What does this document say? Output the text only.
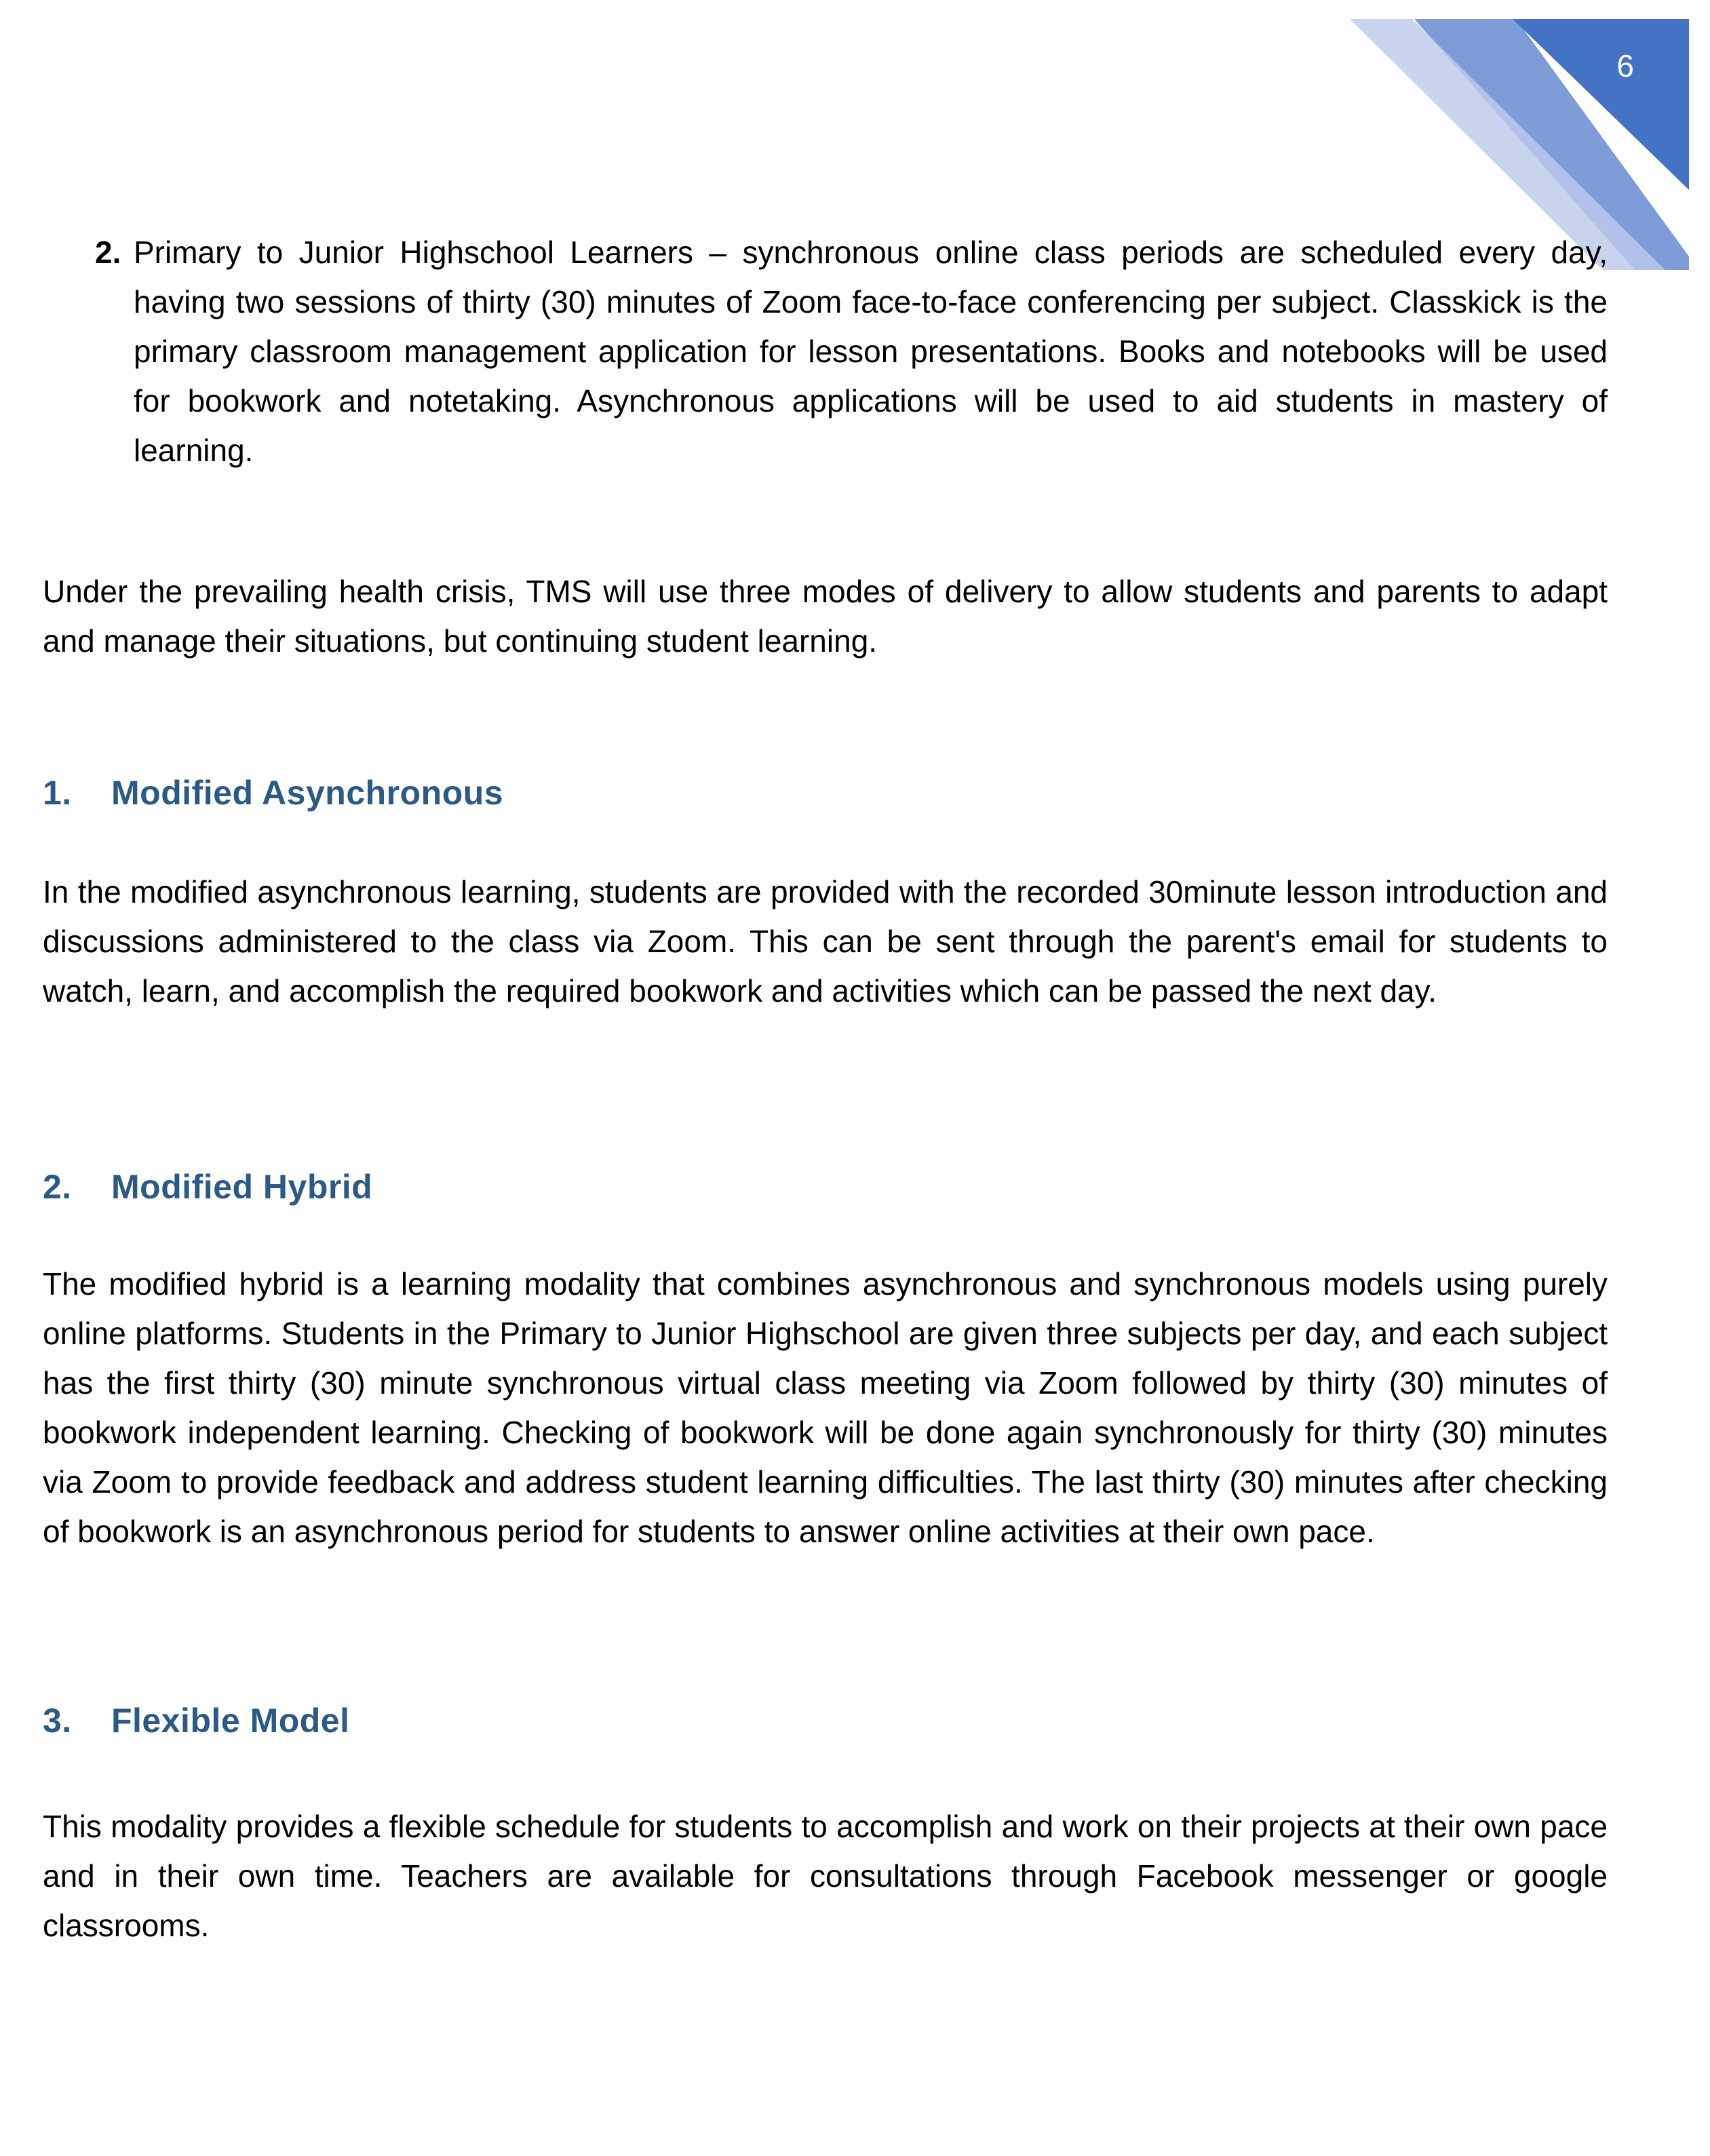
6
2. Primary to Junior Highschool Learners – synchronous online class periods are scheduled every day, having two sessions of thirty (30) minutes of Zoom face-to-face conferencing per subject. Classkick is the primary classroom management application for lesson presentations. Books and notebooks will be used for bookwork and notetaking. Asynchronous applications will be used to aid students in mastery of learning.
Under the prevailing health crisis, TMS will use three modes of delivery to allow students and parents to adapt and manage their situations, but continuing student learning.
1. Modified Asynchronous
In the modified asynchronous learning, students are provided with the recorded 30minute lesson introduction and discussions administered to the class via Zoom. This can be sent through the parent's email for students to watch, learn, and accomplish the required bookwork and activities which can be passed the next day.
2. Modified Hybrid
The modified hybrid is a learning modality that combines asynchronous and synchronous models using purely online platforms. Students in the Primary to Junior Highschool are given three subjects per day, and each subject has the first thirty (30) minute synchronous virtual class meeting via Zoom followed by thirty (30) minutes of bookwork independent learning. Checking of bookwork will be done again synchronously for thirty (30) minutes via Zoom to provide feedback and address student learning difficulties. The last thirty (30) minutes after checking of bookwork is an asynchronous period for students to answer online activities at their own pace.
3. Flexible Model
This modality provides a flexible schedule for students to accomplish and work on their projects at their own pace and in their own time. Teachers are available for consultations through Facebook messenger or google classrooms.
